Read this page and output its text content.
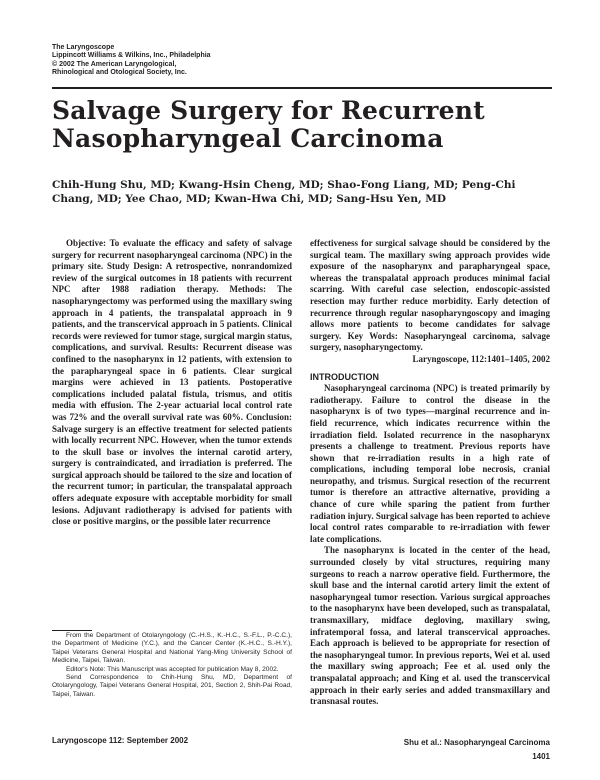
The Laryngoscope
Lippincott Williams & Wilkins, Inc., Philadelphia
© 2002 The American Laryngological,
Rhinological and Otological Society, Inc.
Salvage Surgery for Recurrent Nasopharyngeal Carcinoma
Chih-Hung Shu, MD; Kwang-Hsin Cheng, MD; Shao-Fong Liang, MD; Peng-Chi Chang, MD; Yee Chao, MD; Kwan-Hwa Chi, MD; Sang-Hsu Yen, MD

Objective: To evaluate the efficacy and safety of salvage surgery for recurrent nasopharyngeal carcinoma (NPC) in the primary site. Study Design: A retrospective, nonrandomized review of the surgical outcomes in 18 patients with recurrent NPC after 1988 radiation therapy. Methods: The nasopharyngectomy was performed using the maxillary swing approach in 4 patients, the transpalatal approach in 9 patients, and the transcervical approach in 5 patients. Clinical records were reviewed for tumor stage, surgical margin status, complications, and survival. Results: Recurrent disease was confined to the nasopharynx in 12 patients, with extension to the parapharyngeal space in 6 patients. Clear surgical margins were achieved in 13 patients. Postoperative complications included palatal fistula, trismus, and otitis media with effusion. The 2-year actuarial local control rate was 72% and the overall survival rate was 60%. Conclusion: Salvage surgery is an effective treatment for selected patients with locally recurrent NPC. However, when the tumor extends to the skull base or involves the internal carotid artery, surgery is contraindicated, and irradiation is preferred. The surgical approach should be tailored to the size and location of the recurrent tumor; in particular, the transpalatal approach offers adequate exposure with acceptable morbidity for small lesions. Adjuvant radiotherapy is advised for patients with close or positive margins, or the possible later recurrence

effectiveness for surgical salvage should be considered by the surgical team. The maxillary swing approach provides wide exposure of the nasopharynx and parapharyngeal space, whereas the transpalatal approach produces minimal facial scarring. With careful case selection, endoscopic-assisted resection may further reduce morbidity. Early detection of recurrence through regular nasopharyngoscopy and imaging allows more patients to become candidates for salvage surgery. Key Words: Nasopharyngeal carcinoma, salvage surgery, nasopharyngectomy.

Laryngoscope, 112:1401–1405, 2002

INTRODUCTION

Nasopharyngeal carcinoma (NPC) is treated primarily by radiotherapy. Failure to control the disease in the nasopharynx is of two types—marginal recurrence and in-field recurrence, which indicates recurrence within the irradiation field. Isolated recurrence in the nasopharynx presents a challenge to treatment. Previous reports have shown that re-irradiation results in a high rate of complications, including temporal lobe necrosis, cranial neuropathy, and trismus. Surgical resection of the recurrent tumor is therefore an attractive alternative, providing a chance of cure while sparing the patient from further radiation injury. Surgical salvage has been reported to achieve local control rates comparable to re-irradiation with fewer late complications.

The nasopharynx is located in the center of the head, surrounded closely by vital structures, requiring many surgeons to reach a narrow operative field. Furthermore, the skull base and the internal carotid artery limit the extent of nasopharyngeal tumor resection. Various surgical approaches to the nasopharynx have been developed, such as transpalatal, transmaxillary, midface degloving, maxillary swing, infratemporal fossa, and lateral transcervical approaches. Each approach is believed to be appropriate for resection of the nasopharyngeal tumor. In previous reports, Wei et al. used the maxillary swing approach; Fee et al. used only the transpalatal approach; and King et al. used the transcervical approach in their early series and added transmaxillary and transnasal routes.

From the Department of Otolaryngology (C.-H.S., K.-H.C., S.-F.L., P.-C.C.), the Department of Medicine (Y.C.), and the Cancer Center (K.-H.C., S.-H.Y.), Taipei Veterans General Hospital and National Yang-Ming University School of Medicine, Taipei, Taiwan.

Editor's Note: This Manuscript was accepted for publication May 8, 2002.

Send Correspondence to Chih-Hung Shu, MD, Department of Otolaryngology, Taipei Veterans General Hospital, 201, Section 2, Shih-Pai Road, Taipei, Taiwan.

Laryngoscope 112: September 2002	Shu et al.: Nasopharyngeal Carcinoma
1401
